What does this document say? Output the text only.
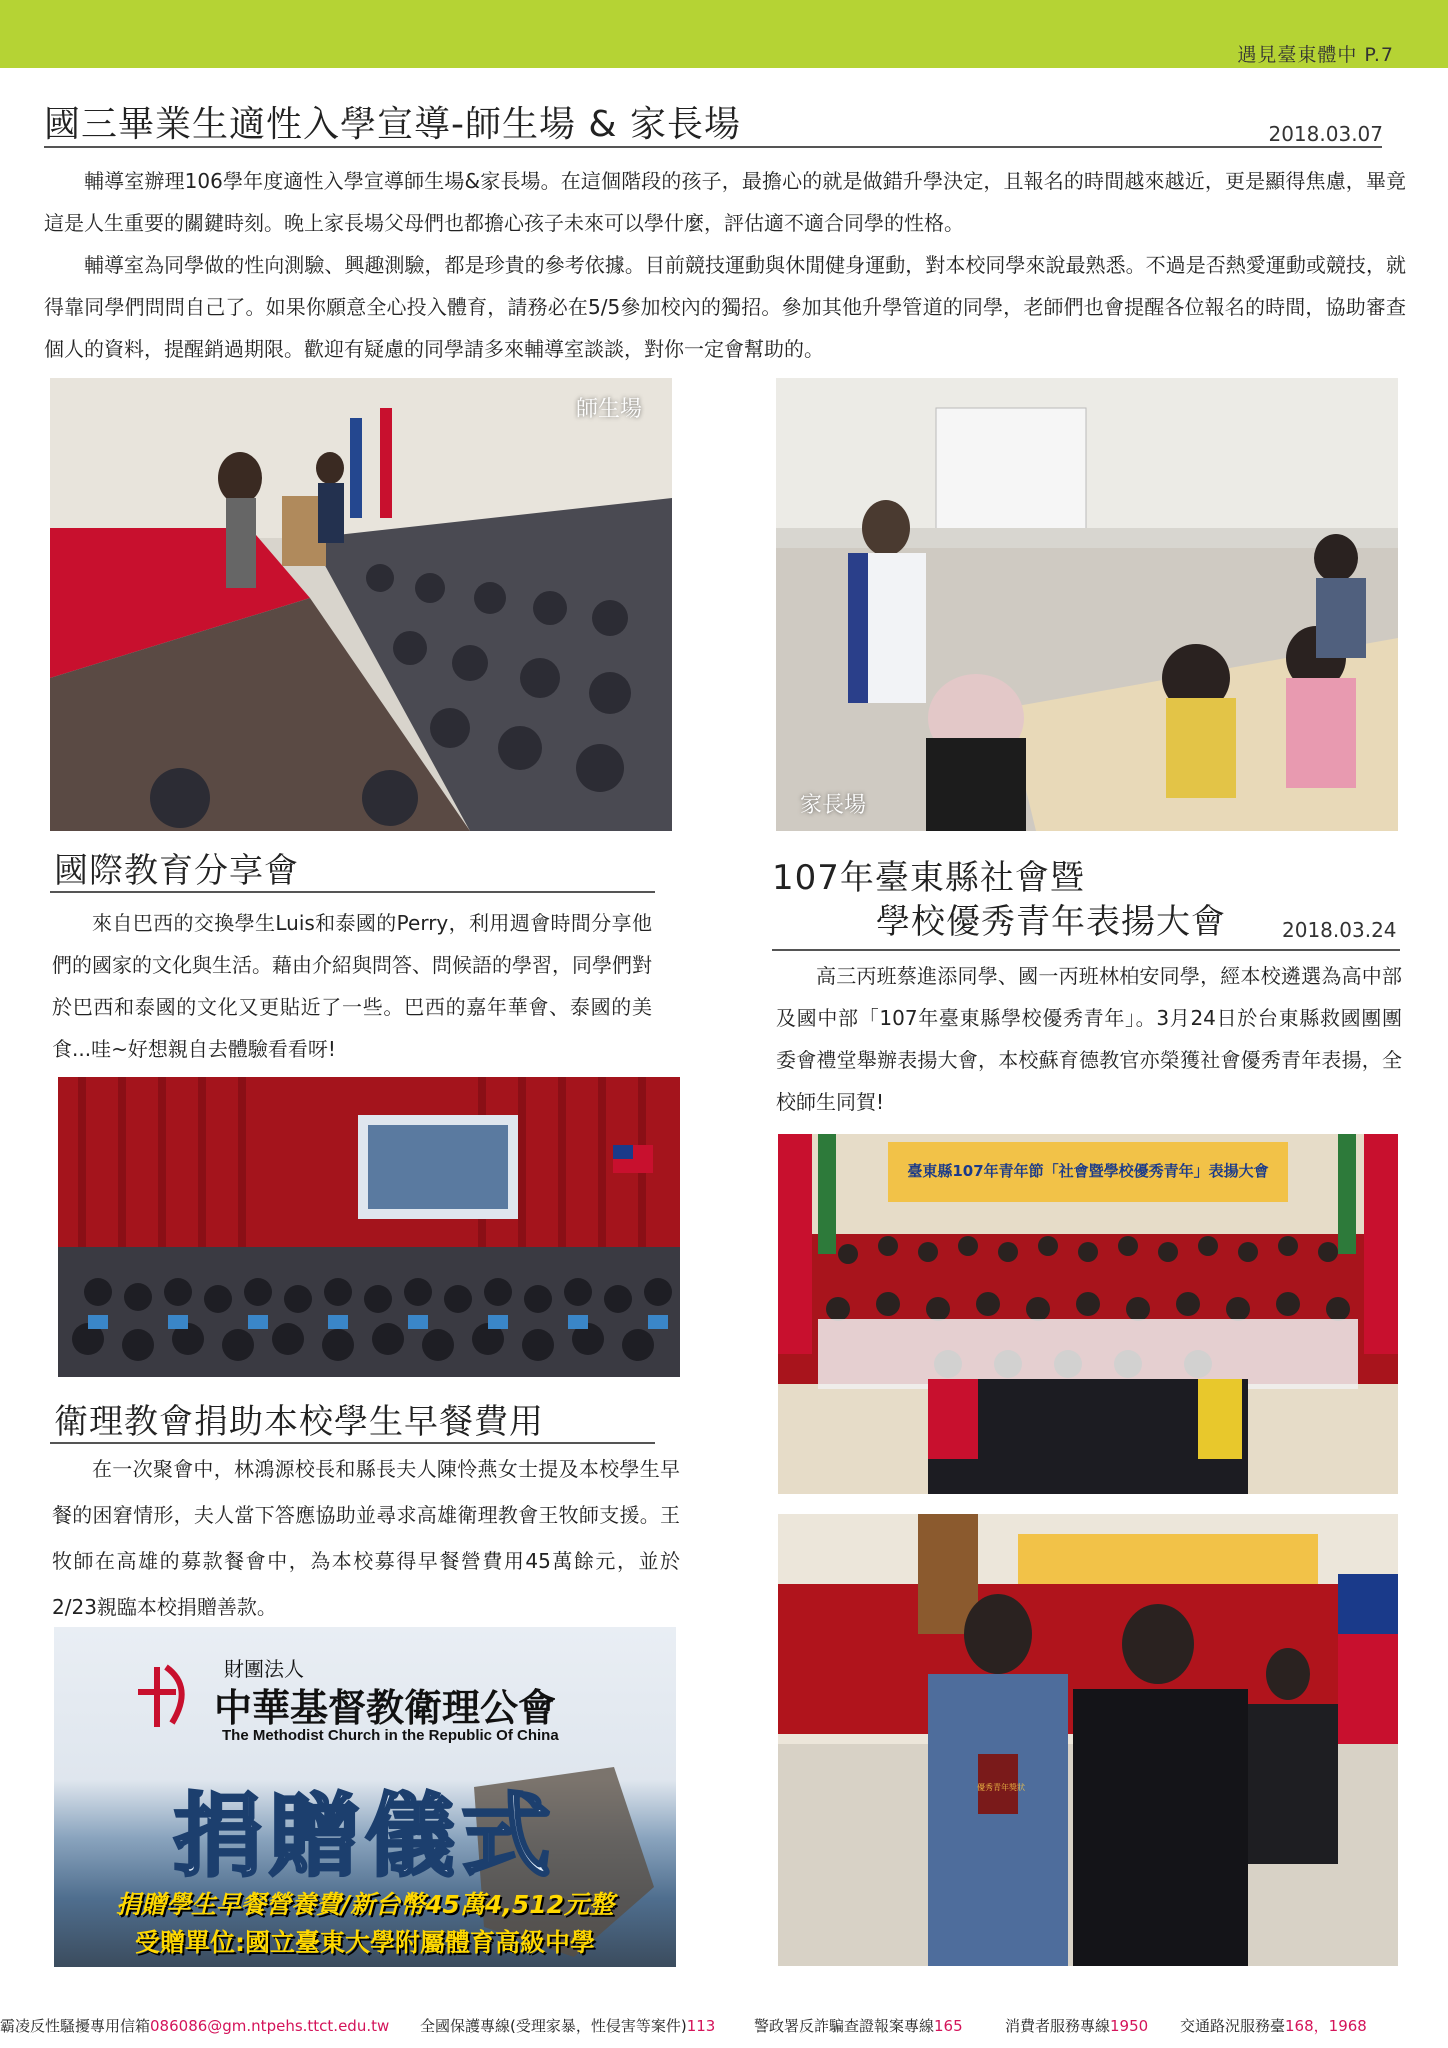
遇見臺東體中 P.7
國三畢業生適性入學宣導-師生場 & 家長場	2018.03.07

輔導室辦理106學年度適性入學宣導師生場&家長場。在這個階段的孩子，最擔心的就是做錯升學決定，且報名的時間越來越近，更是顯得焦慮，畢竟這是人生重要的關鍵時刻。晚上家長場父母們也都擔心孩子未來可以學什麼，評估適不適合同學的性格。

輔導室為同學做的性向測驗、興趣測驗，都是珍貴的參考依據。目前競技運動與休閒健身運動，對本校同學來說最熟悉。不過是否熱愛運動或競技，就得靠同學們問問自己了。如果你願意全心投入體育，請務必在5/5參加校內的獨招。參加其他升學管道的同學，老師們也會提醒各位報名的時間，協助審查個人的資料，提醒銷過期限。歡迎有疑慮的同學請多來輔導室談談，對你一定會幫助的。

師生場
家長場
國際教育分享會

來自巴西的交換學生Luis和泰國的Perry，利用週會時間分享他們的國家的文化與生活。藉由介紹與問答、問候語的學習，同學們對於巴西和泰國的文化又更貼近了一些。巴西的嘉年華會、泰國的美食...哇~好想親自去體驗看看呀!

衛理教會捐助本校學生早餐費用

在一次聚會中，林鴻源校長和縣長夫人陳怜燕女士提及本校學生早餐的困窘情形，夫人當下答應協助並尋求高雄衛理教會王牧師支援。王牧師在高雄的募款餐會中，為本校募得早餐營費用45萬餘元，並於2/23親臨本校捐贈善款。

財團法人
中華基督教衛理公會
The Methodist Church in the Republic Of China
捐贈儀式
捐贈學生早餐營養費/新台幣45萬4,512元整
受贈單位:國立臺東大學附屬體育高級中學
107年臺東縣社會暨
學校優秀青年表揚大會	2018.03.24

高三丙班蔡進添同學、國一丙班林柏安同學，經本校遴選為高中部及國中部「107年臺東縣學校優秀青年」。3月24日於台東縣救國團團委會禮堂舉辦表揚大會，本校蘇育德教官亦榮獲社會優秀青年表揚，全校師生同賀!

臺東縣107年青年節「社會暨學校優秀青年」表揚大會
優秀青年獎狀
霸凌反性騷擾專用信箱086086@gm.ntpehs.ttct.edu.tw 全國保護專線(受理家暴，性侵害等案件)113	警政署反詐騙查證報案專線165	消費者服務專線1950 交通路況服務臺168，1968
